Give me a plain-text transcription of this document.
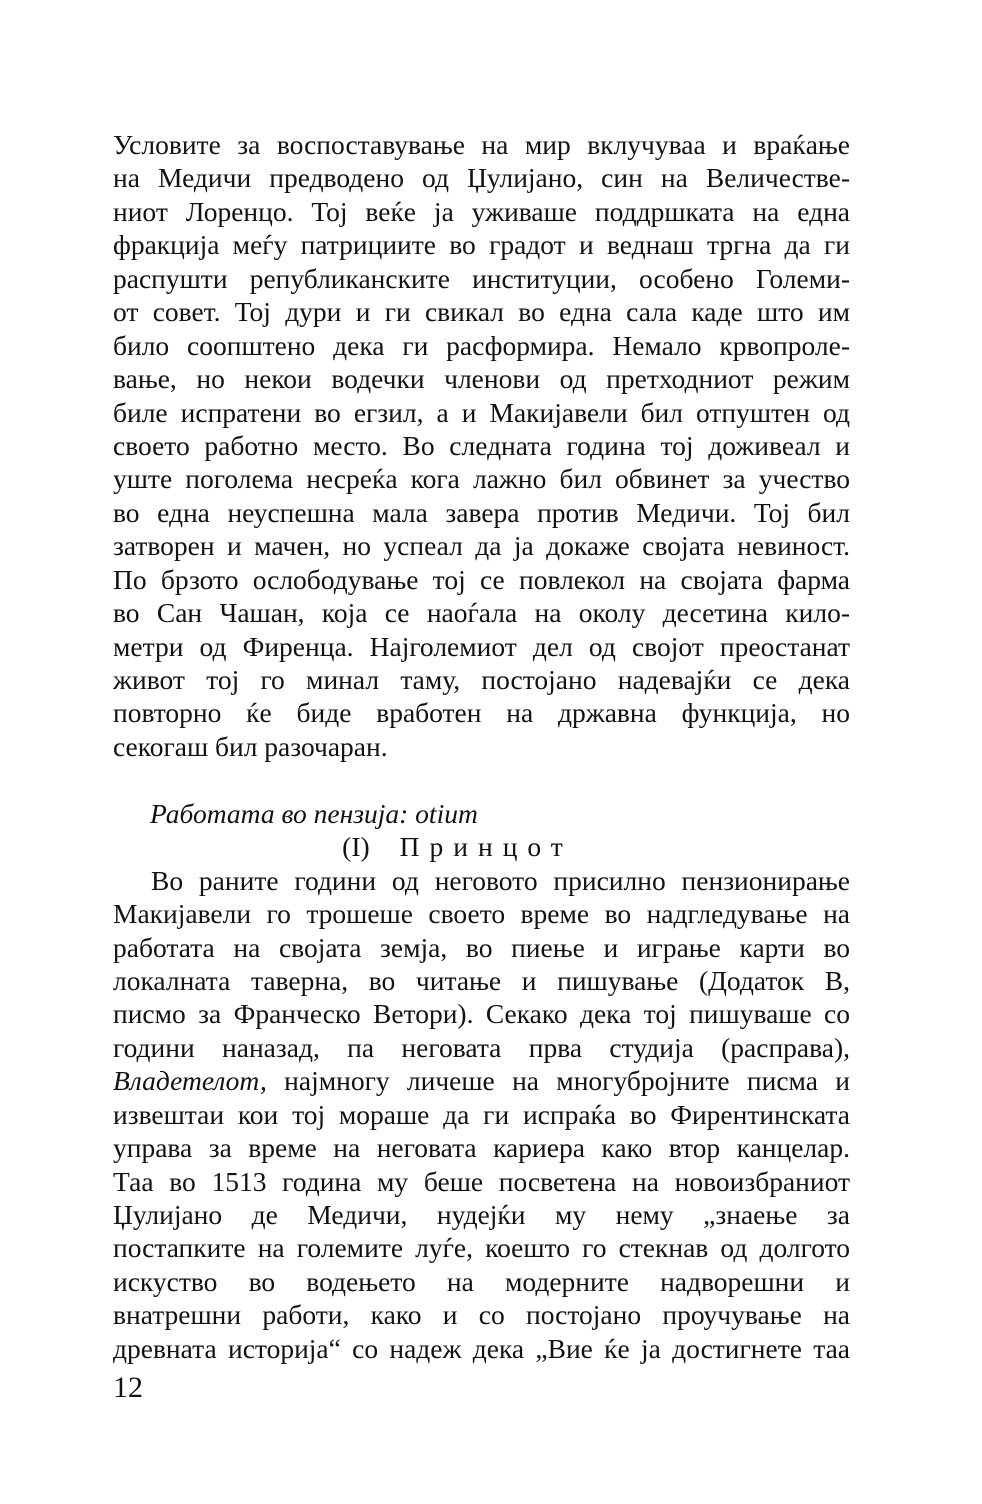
Условите за воспоставување на мир вклучуваа и враќање
на Медичи предводено од Џулијано, син на Величестве-
ниот Лоренцо. Тој веќе ја уживаше поддршката на една
фракција меѓу патрициите во градот и веднаш тргна да ги
распушти републиканските институции, особено Големи-
от совет. Тој дури и ги свикал во една сала каде што им
било соопштено дека ги расформира. Немало крвопроле-
вање, но некои водечки членови од претходниот режим
биле испратени во егзил, а и Макијавели бил отпуштен од
своето работно место. Во следната година тој доживеал и
уште поголема несреќа кога лажно бил обвинет за учество
во една неуспешна мала завера против Медичи. Тој бил
затворен и мачен, но успеал да ја докаже својата невиност.
По брзото ослободување тој се повлекол на својата фарма
во Сан Чашан, која се наоѓала на околу десетина кило-
метри од Фиренца. Најголемиот дел од својот преостанат
живот тој го минал таму, постојано надевајќи се дека
повторно ќе биде вработен на државна функција, но
секогаш бил разочаран.
Работата во пензија: otium
(I) Принцот
Во раните години од неговото присилно пензионирање
Макијавели го трошеше своето време во надгледување на
работата на својата земја, во пиење и играње карти во
локалната таверна, во читање и пишување (Додаток В,
писмо за Франческо Ветори). Секако дека тој пишуваше со
години наназад, па неговата прва студија (расправа),
Владетелот, најмногу личеше на многубројните писма и
извештаи кои тој мораше да ги испраќа во Фирентинската
управа за време на неговата кариера како втор канцелар.
Таа во 1513 година му беше посветена на новоизбраниот
Џулијано де Медичи, нудејќи му нему „знаење за
постапките на големите луѓе, коешто го стекнав од долгото
искуство во водењето на модерните надворешни и
внатрешни работи, како и со постојано проучување на
древната историја“ со надеж дека „Вие ќе ја достигнете таа
12
